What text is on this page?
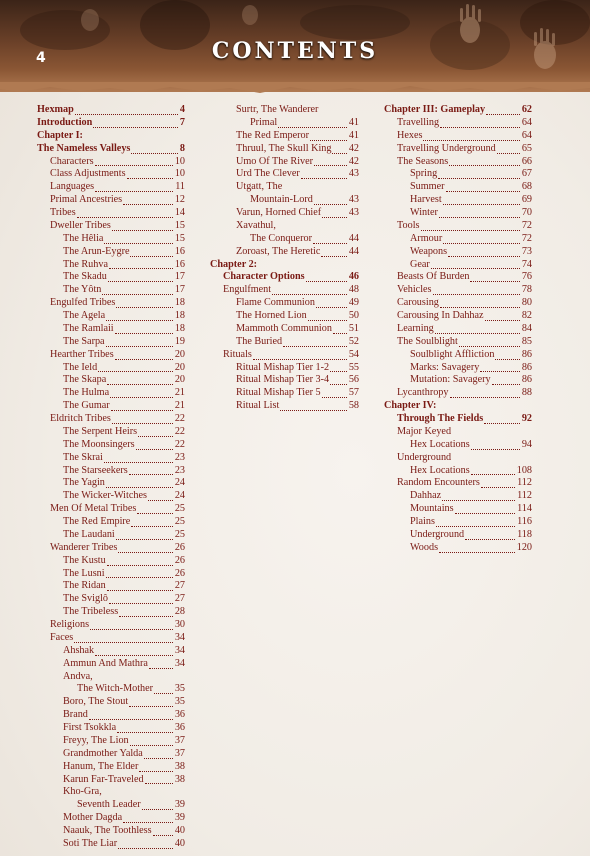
4	CONTENTS
Hexmap	4
Introduction	7
Chapter I:
The Nameless Valleys	8
Characters	10
Class Adjustments	10
Languages	11
Primal Ancestries	12
Tribes	14
Dweller Tribes	15
The Hêlia	15
The Arun-Eygre	16
The Ruhva	16
The Skadu	17
The Yôtn	17
Engulfed Tribes	18
The Agela	18
The Ramlaii	18
The Sarpa	19
Hearther Tribes	20
The Ield	20
The Skapa	20
The Hulma	21
The Gumar	21
Eldritch Tribes	22
The Serpent Heirs	22
The Moonsingers	22
The Skrai	23
The Starseekers	23
The Yagin	24
The Wicker-Witches	24
Men Of Metal Tribes	25
The Red Empire	25
The Laudani	25
Wanderer Tribes	26
The Kustu	26
The Lusni	26
The Ridan	27
The Sviglô	27
The Tribeless	28
Religions	30
Faces	34
Ahshak	34
Ammun And Mathra	34
Andva,
The Witch-Mother 35
Boro, The Stout	35
Brand	36
First Tsokkla	36
Freyy, The Lion	37
Grandmother Yalda	37
Hanum, The Elder	38
Karun Far-Traveled	38
Kho-Gra,
Seventh Leader	39
Mother Dagda	39
Naauk, The Toothless 40
Soti The Liar	40
Surtr, The Wanderer
Primal	41
The Red Emperor	41
Thruul, The Skull King 42
Umo Of The River	42
Urd The Clever	43
Utgatt, The
Mountain-Lord	43
Varun, Horned Chief	43
Xavathul,
The Conqueror	44
Zoroast, The Heretic	44
Chapter 2:
Character Options	46
Engulfment	48
Flame Communion	49
The Horned Lion	50
Mammoth Communion 51
The Buried	52
Rituals	54
Ritual Mishap Tier 1-2 55
Ritual Mishap Tier 3-4 56
Ritual Mishap Tier 5	57
Ritual List	58
Chapter III: Gameplay	62
Travelling	64
Hexes	64
Travelling Underground	65
The Seasons	66
Spring	67
Summer	68
Harvest	69
Winter	70
Tools	72
Armour	72
Weapons	73
Gear	74
Beasts Of Burden	76
Vehicles	78
Carousing	80
Carousing In Dahhaz	82
Learning	84
The Soulblight	85
Soulblight Affliction	86
Marks: Savagery	86
Mutation: Savagery	86
Lycanthropy	88
Chapter IV:
Through The Fields	92
Major Keyed
Hex Locations	94
Underground
Hex Locations	108
Random Encounters	112
Dahhaz	112
Mountains	114
Plains	116
Underground	118
Woods	120
